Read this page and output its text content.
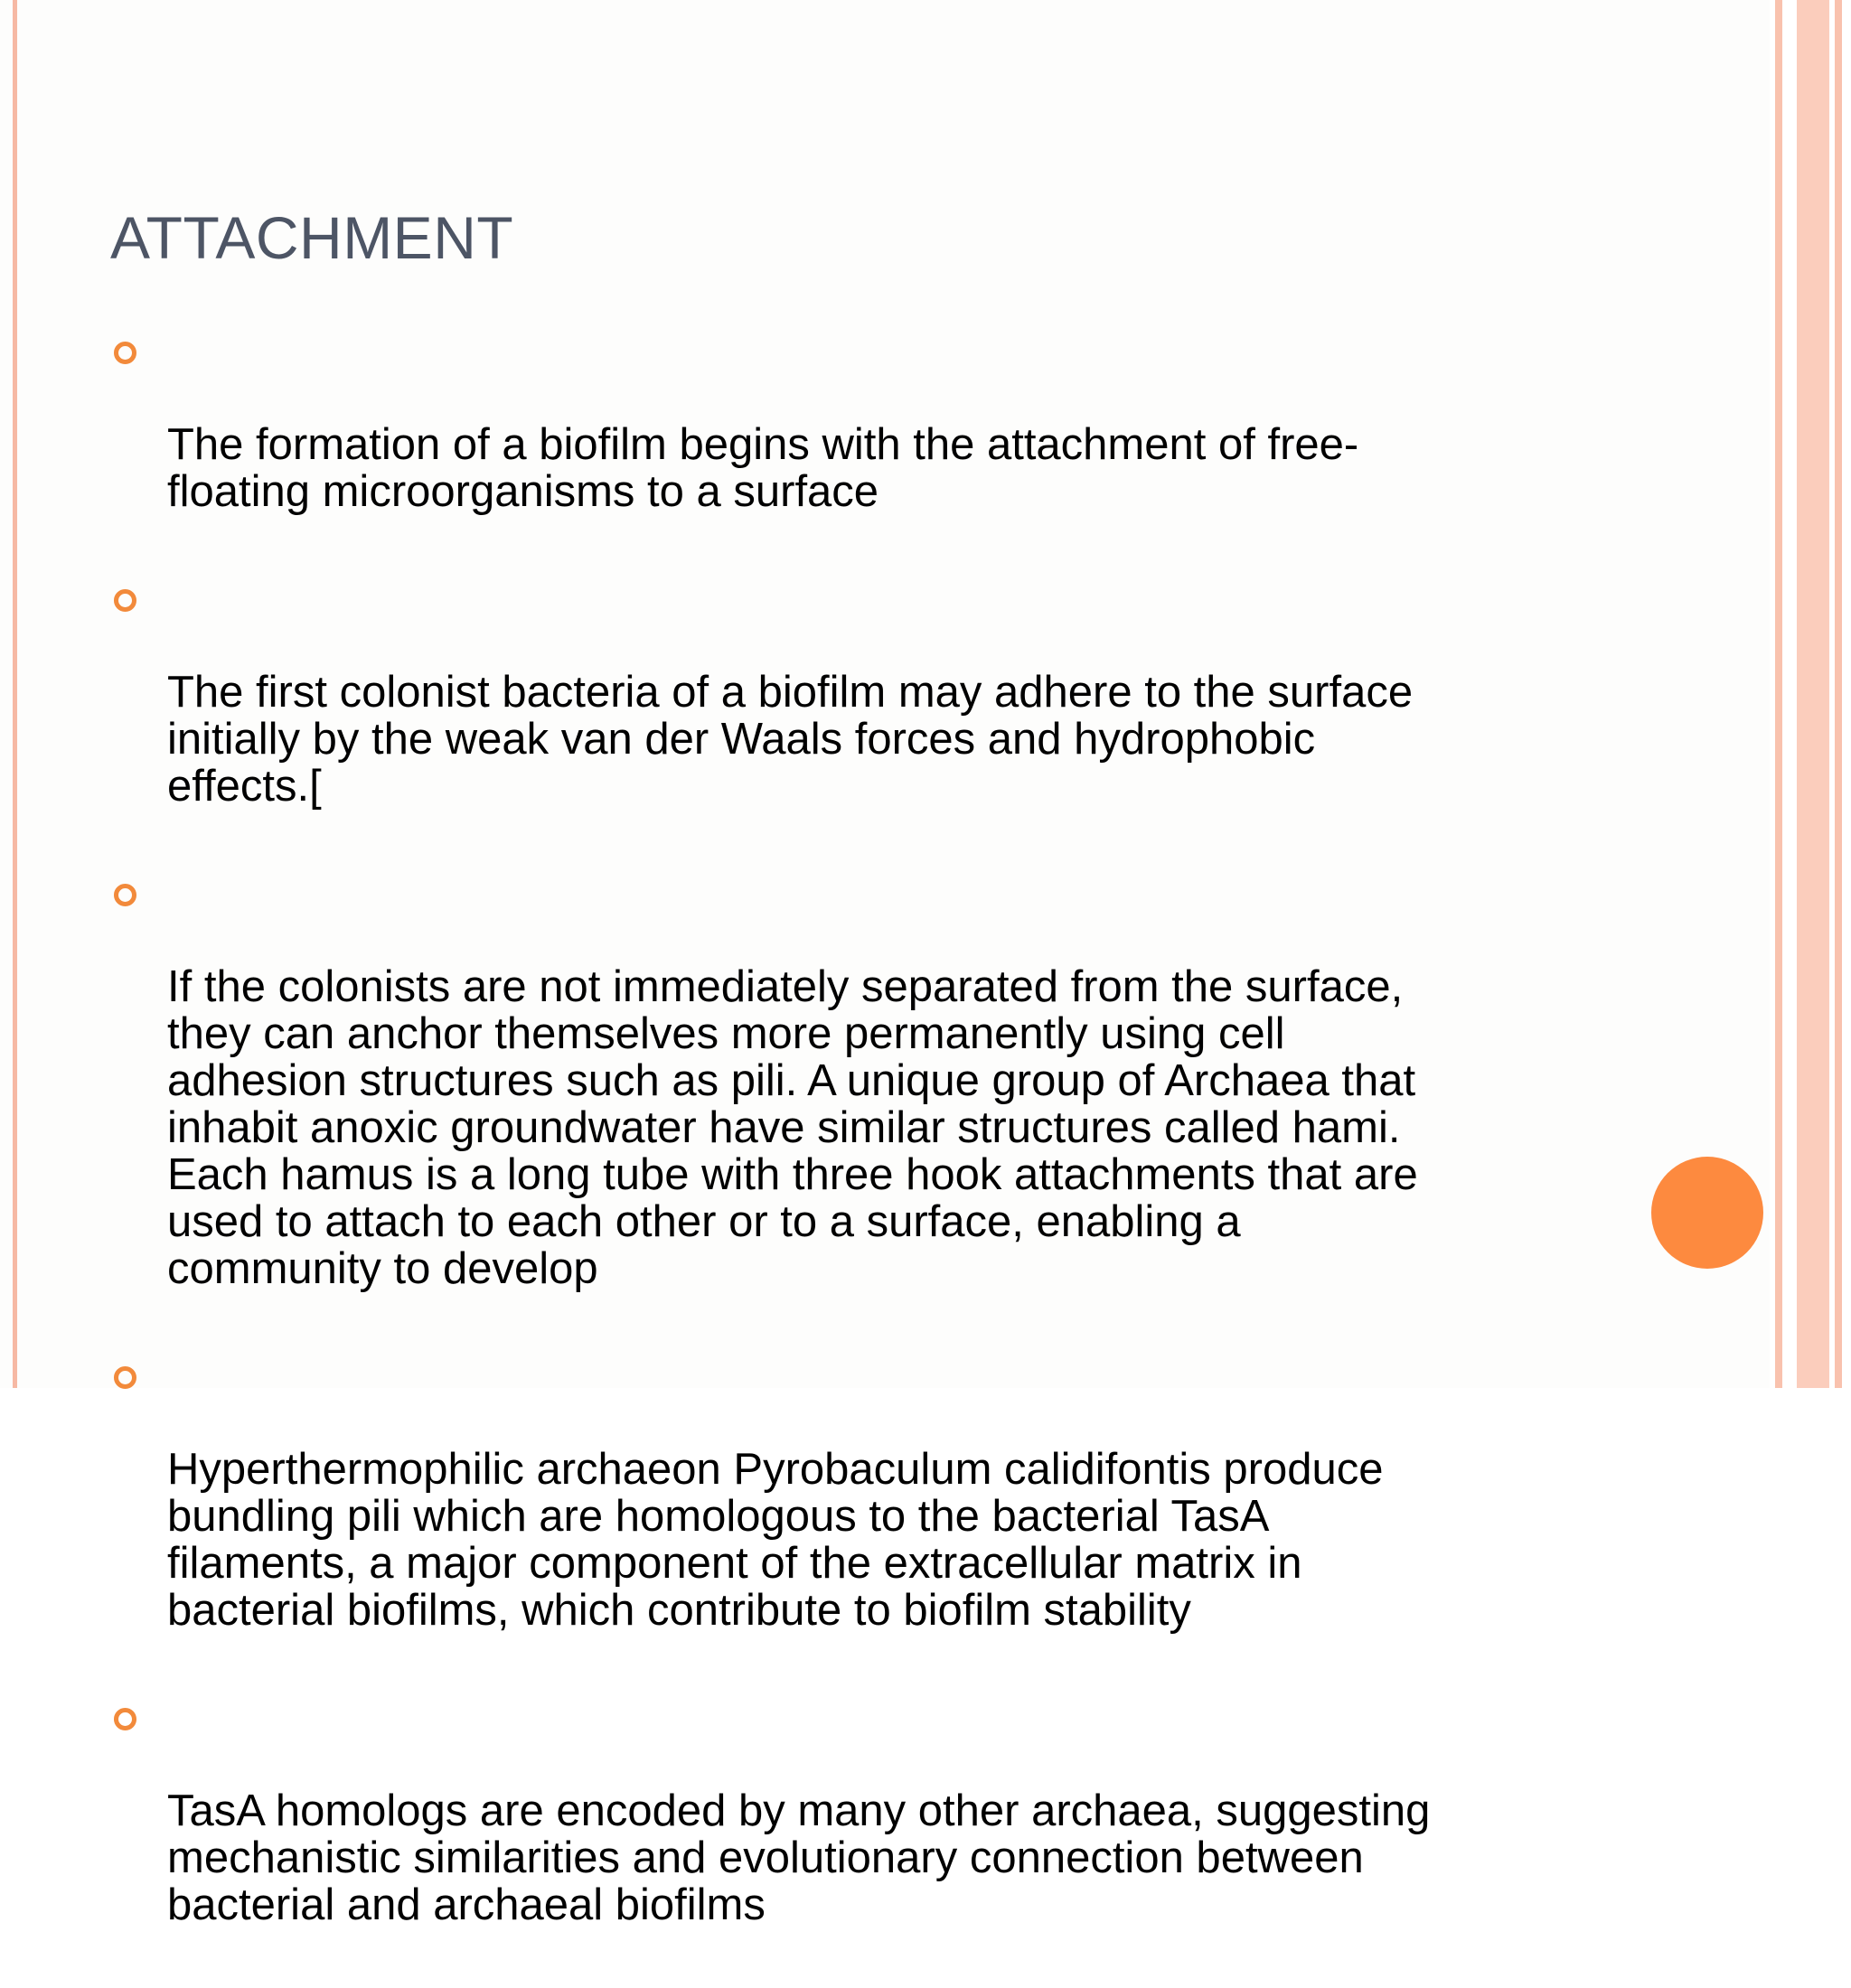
ATTACHMENT

The formation of a biofilm begins with the attachment of free-
floating microorganisms to a surface

The first colonist bacteria of a biofilm may adhere to the surface
initially by the weak van der Waals forces and hydrophobic
effects.[

If the colonists are not immediately separated from the surface,
they can anchor themselves more permanently using cell
adhesion structures such as pili. A unique group of Archaea that
inhabit anoxic groundwater have similar structures called hami.
Each hamus is a long tube with three hook attachments that are
used to attach to each other or to a surface, enabling a
community to develop

Hyperthermophilic archaeon Pyrobaculum calidifontis produce
bundling pili which are homologous to the bacterial TasA
filaments, a major component of the extracellular matrix in
bacterial biofilms, which contribute to biofilm stability

TasA homologs are encoded by many other archaea, suggesting
mechanistic similarities and evolutionary connection between
bacterial and archaeal biofilms
